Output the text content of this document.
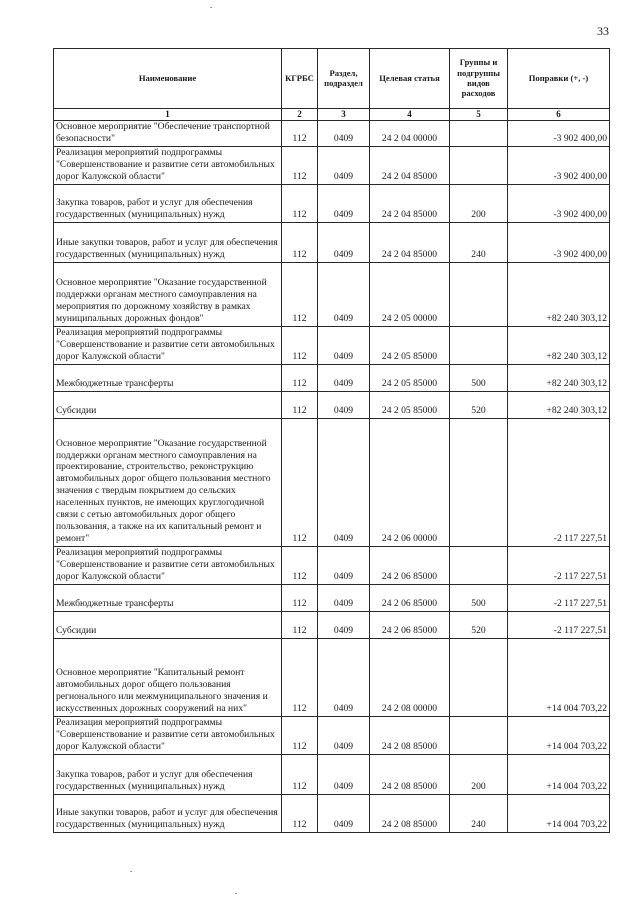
33
Наименование	КГРБС	Раздел, подраздел	Целевая статья	Группы и подгруппы видов расходов	Поправки (+, -)
1	2	3	4	5	6
Основное мероприятие "Обеспечение транспортной безопасности"	112	0409	24 2 04 00000		-3 902 400,00
Реализация мероприятий подпрограммы "Совершенствование и развитие сети автомобильных дорог Калужской области"	112	0409	24 2 04 85000		-3 902 400,00
Закупка товаров, работ и услуг для обеспечения государственных (муниципальных) нужд	112	0409	24 2 04 85000	200	-3 902 400,00
Иные закупки товаров, работ и услуг для обеспечения государственных (муниципальных) нужд	112	0409	24 2 04 85000	240	-3 902 400,00
Основное мероприятие "Оказание государственной поддержки органам местного самоуправления на мероприятия по дорожному хозяйству в рамках муниципальных дорожных фондов"	112	0409	24 2 05 00000		+82 240 303,12
Реализация мероприятий подпрограммы "Совершенствование и развитие сети автомобильных дорог Калужской области"	112	0409	24 2 05 85000		+82 240 303,12
Межбюджетные трансферты	112	0409	24 2 05 85000	500	+82 240 303,12
Субсидии	112	0409	24 2 05 85000	520	+82 240 303,12
Основное мероприятие "Оказание государственной поддержки органам местного самоуправления на проектирование, строительство, реконструкцию автомобильных дорог общего пользования местного значения с твердым покрытием до сельских населенных пунктов, не имеющих круглогодичной связи с сетью автомобильных дорог общего пользования, а также на их капитальный ремонт и ремонт"	112	0409	24 2 06 00000		-2 117 227,51
Реализация мероприятий подпрограммы "Совершенствование и развитие сети автомобильных дорог Калужской области"	112	0409	24 2 06 85000		-2 117 227,51
Межбюджетные трансферты	112	0409	24 2 06 85000	500	-2 117 227,51
Субсидии	112	0409	24 2 06 85000	520	-2 117 227,51
Основное мероприятие "Капитальный ремонт автомобильных дорог общего пользования регионального или межмуниципального значения и искусственных дорожных сооружений на них"	112	0409	24 2 08 00000		+14 004 703,22
Реализация мероприятий подпрограммы "Совершенствование и развитие сети автомобильных дорог Калужской области"	112	0409	24 2 08 85000		+14 004 703,22
Закупка товаров, работ и услуг для обеспечения государственных (муниципальных) нужд	112	0409	24 2 08 85000	200	+14 004 703,22
Иные закупки товаров, работ и услуг для обеспечения государственных (муниципальных) нужд	112	0409	24 2 08 85000	240	+14 004 703,22
